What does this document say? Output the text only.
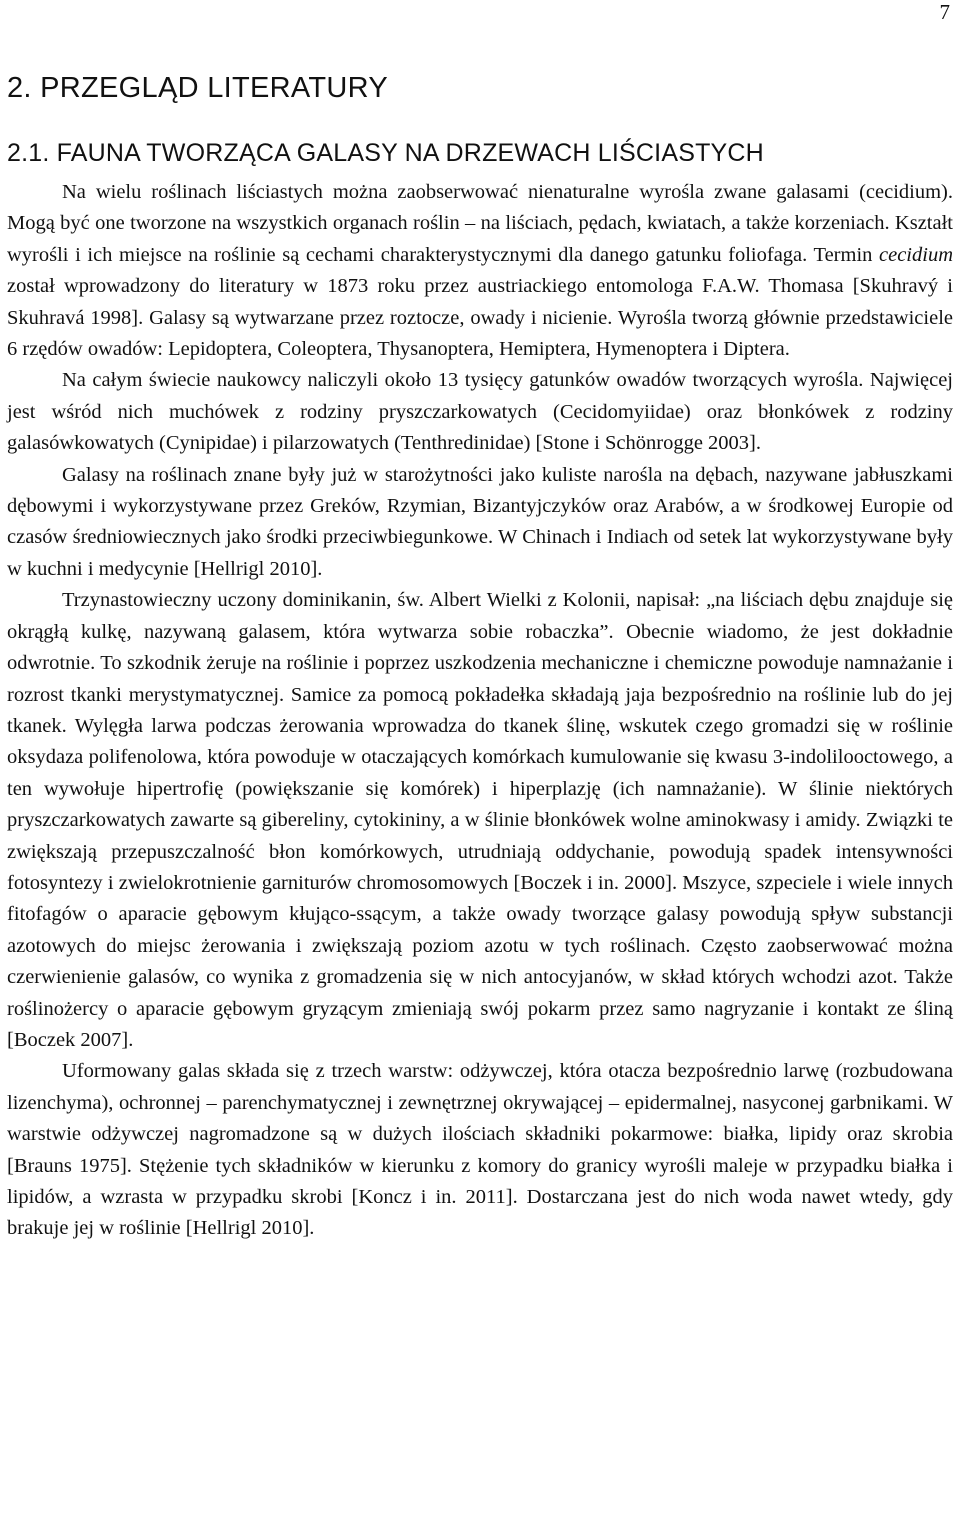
7
2. PRZEGLĄD LITERATURY
2.1. FAUNA TWORZĄCA GALASY NA DRZEWACH LIŚCIASTYCH

Na wielu roślinach liściastych można zaobserwować nienaturalne wyrośla zwane galasami (cecidium). Mogą być one tworzone na wszystkich organach roślin – na liściach, pędach, kwiatach, a także korzeniach. Kształt wyrośli i ich miejsce na roślinie są cechami charakterystycznymi dla danego gatunku foliofaga. Termin cecidium został wprowadzony do literatury w 1873 roku przez austriackiego entomologa F.A.W. Thomasa [Skuhravý i Skuhravá 1998]. Galasy są wytwarzane przez roztocze, owady i nicienie. Wyrośla tworzą głównie przedstawiciele 6 rzędów owadów: Lepidoptera, Coleoptera, Thysanoptera, Hemiptera, Hymenoptera i Diptera.

Na całym świecie naukowcy naliczyli około 13 tysięcy gatunków owadów tworzących wyrośla. Najwięcej jest wśród nich muchówek z rodziny pryszczarkowatych (Cecidomyiidae) oraz błonkówek z rodziny galasówkowatych (Cynipidae) i pilarzowatych (Tenthredinidae) [Stone i Schönrogge 2003].

Galasy na roślinach znane były już w starożytności jako kuliste narośla na dębach, nazywane jabłuszkami dębowymi i wykorzystywane przez Greków, Rzymian, Bizantyjczyków oraz Arabów, a w środkowej Europie od czasów średniowiecznych jako środki przeciwbiegunkowe. W Chinach i Indiach od setek lat wykorzystywane były w kuchni i medycynie [Hellrigl 2010].

Trzynastowieczny uczony dominikanin, św. Albert Wielki z Kolonii, napisał: „na liściach dębu znajduje się okrągłą kulkę, nazywaną galasem, która wytwarza sobie robaczka”. Obecnie wiadomo, że jest dokładnie odwrotnie. To szkodnik żeruje na roślinie i poprzez uszkodzenia mechaniczne i chemiczne powoduje namnażanie i rozrost tkanki merystymatycznej. Samice za pomocą pokładełka składają jaja bezpośrednio na roślinie lub do jej tkanek. Wylęgła larwa podczas żerowania wprowadza do tkanek ślinę, wskutek czego gromadzi się w roślinie oksydaza polifenolowa, która powoduje w otaczających komórkach kumulowanie się kwasu 3-indolilooctowego, a ten wywołuje hipertrofię (powiększanie się komórek) i hiperplazję (ich namnażanie). W ślinie niektórych pryszczarkowatych zawarte są gibereliny, cytokininy, a w ślinie błonkówek wolne aminokwasy i amidy. Związki te zwiększają przepuszczalność błon komórkowych, utrudniają oddychanie, powodują spadek intensywności fotosyntezy i zwielokrotnienie garniturów chromosomowych [Boczek i in. 2000]. Mszyce, szpeciele i wiele innych fitofagów o aparacie gębowym kłująco-ssącym, a także owady tworzące galasy powodują spływ substancji azotowych do miejsc żerowania i zwiększają poziom azotu w tych roślinach. Często zaobserwować można czerwienienie galasów, co wynika z gromadzenia się w nich antocyjanów, w skład których wchodzi azot. Także roślinożercy o aparacie gębowym gryzącym zmieniają swój pokarm przez samo nagryzanie i kontakt ze śliną [Boczek 2007].

Uformowany galas składa się z trzech warstw: odżywczej, która otacza bezpośrednio larwę (rozbudowana lizenchyma), ochronnej – parenchymatycznej i zewnętrznej okrywającej – epidermalnej, nasyconej garbnikami. W warstwie odżywczej nagromadzone są w dużych ilościach składniki pokarmowe: białka, lipidy oraz skrobia [Brauns 1975]. Stężenie tych składników w kierunku z komory do granicy wyrośli maleje w przypadku białka i lipidów, a wzrasta w przypadku skrobi [Koncz i in. 2011]. Dostarczana jest do nich woda nawet wtedy, gdy brakuje jej w roślinie [Hellrigl 2010].
